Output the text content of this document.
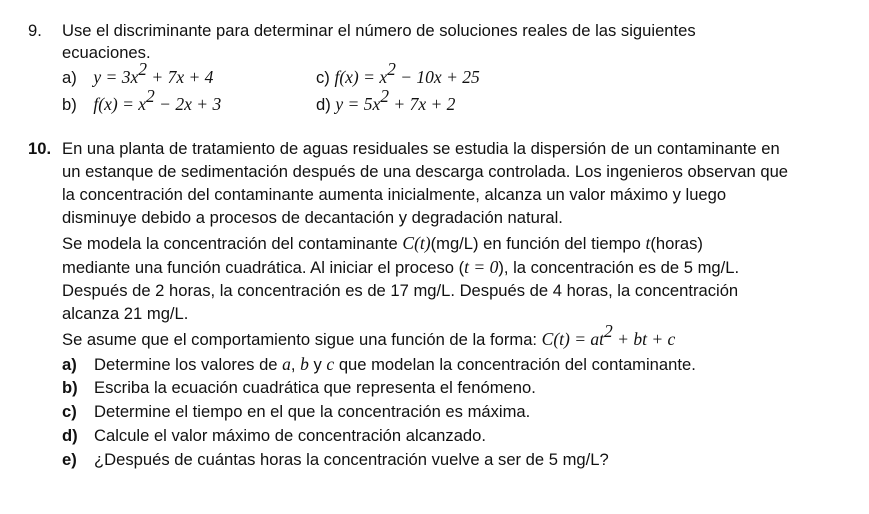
9. Use el discriminante para determinar el número de soluciones reales de las siguientes
ecuaciones.
a) $y = 3x^2 + 7x + 4$	c) $f(x) = x^2 - 10x + 25$
b) $f(x) = x^2 - 2x + 3$	d) $y = 5x^2 + 7x + 2$
10. En una planta de tratamiento de aguas residuales se estudia la dispersión de un contaminante en
un estanque de sedimentación después de una descarga controlada. Los ingenieros observan que
la concentración del contaminante aumenta inicialmente, alcanza un valor máximo y luego
disminuye debido a procesos de decantación y degradación natural.
Se modela la concentración del contaminante C(t)(mg/L) en función del tiempo t(horas)
mediante una función cuadrática. Al iniciar el proceso (t = 0), la concentración es de 5 mg/L.
Después de 2 horas, la concentración es de 17 mg/L. Después de 4 horas, la concentración
alcanza 21 mg/L.
Se asume que el comportamiento sigue una función de la forma: $C(t) = at^2$ + bt + c
a) Determine los valores de a, b y c que modelan la concentración del contaminante.
b) Escriba la ecuación cuadrática que representa el fenómeno.
c) Determine el tiempo en el que la concentración es máxima.
d) Calcule el valor máximo de concentración alcanzado.
e) ¿Después de cuántas horas la concentración vuelve a ser de 5 mg/L?
